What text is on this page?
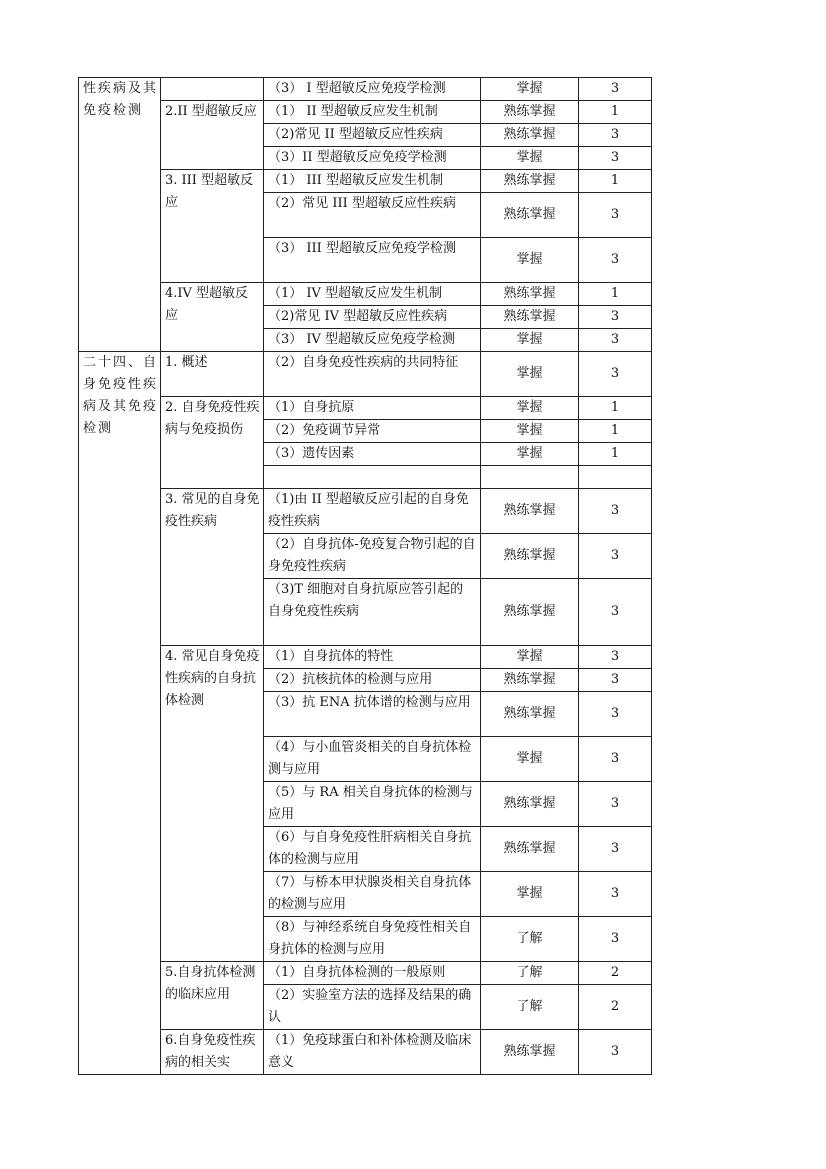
性疾病及其免疫检测		（3） I 型超敏反应免疫学检测	掌握	3
	2.II 型超敏反应	（1） II 型超敏反应发生机制	熟练掌握	1
		（2)常见 II 型超敏反应性疾病	熟练掌握	3
		（3）II 型超敏反应免疫学检测	掌握	3
	3. III 型超敏反应	（1） III 型超敏反应发生机制	熟练掌握	1
		（2）常见 III 型超敏反应性疾病	熟练掌握	3
		（3） III 型超敏反应免疫学检测	掌握	3
	4.IV 型超敏反应	（1） IV 型超敏反应发生机制	熟练掌握	1
		（2)常见 IV 型超敏反应性疾病	熟练掌握	3
		（3） IV 型超敏反应免疫学检测	掌握	3
二十四、自身免疫性疾病及其免疫检测	1. 概述	（2）自身免疫性疾病的共同特征	掌握	3
	2. 自身免疫性疾病与免疫损伤	（1）自身抗原	掌握	1
		（2）免疫调节异常	掌握	1
		（3）遗传因素	掌握	1

	3. 常见的自身免疫性疾病	（1)由 II 型超敏反应引起的自身免疫性疾病	熟练掌握	3
		（2）自身抗体-免疫复合物引起的自身免疫性疾病	熟练掌握	3
		（3)T 细胞对自身抗原应答引起的自身免疫性疾病	熟练掌握	3
	4. 常见自身免疫性疾病的自身抗体检测	（1）自身抗体的特性	掌握	3
		（2）抗核抗体的检测与应用	熟练掌握	3
		（3）抗 ENA 抗体谱的检测与应用	熟练掌握	3
		（4）与小血管炎相关的自身抗体检测与应用	掌握	3
		（5）与 RA 相关自身抗体的检测与应用	熟练掌握	3
		（6）与自身免疫性肝病相关自身抗体的检测与应用	熟练掌握	3
		（7）与桥本甲状腺炎相关自身抗体的检测与应用	掌握	3
		（8）与神经系统自身免疫性相关自身抗体的检测与应用	了解	3
	5.自身抗体检测的临床应用	（1）自身抗体检测的一般原则	了解	2
		（2）实验室方法的选择及结果的确认	了解	2
	6.自身免疫性疾病的相关实	（1）免疫球蛋白和补体检测及临床意义	熟练掌握	3
